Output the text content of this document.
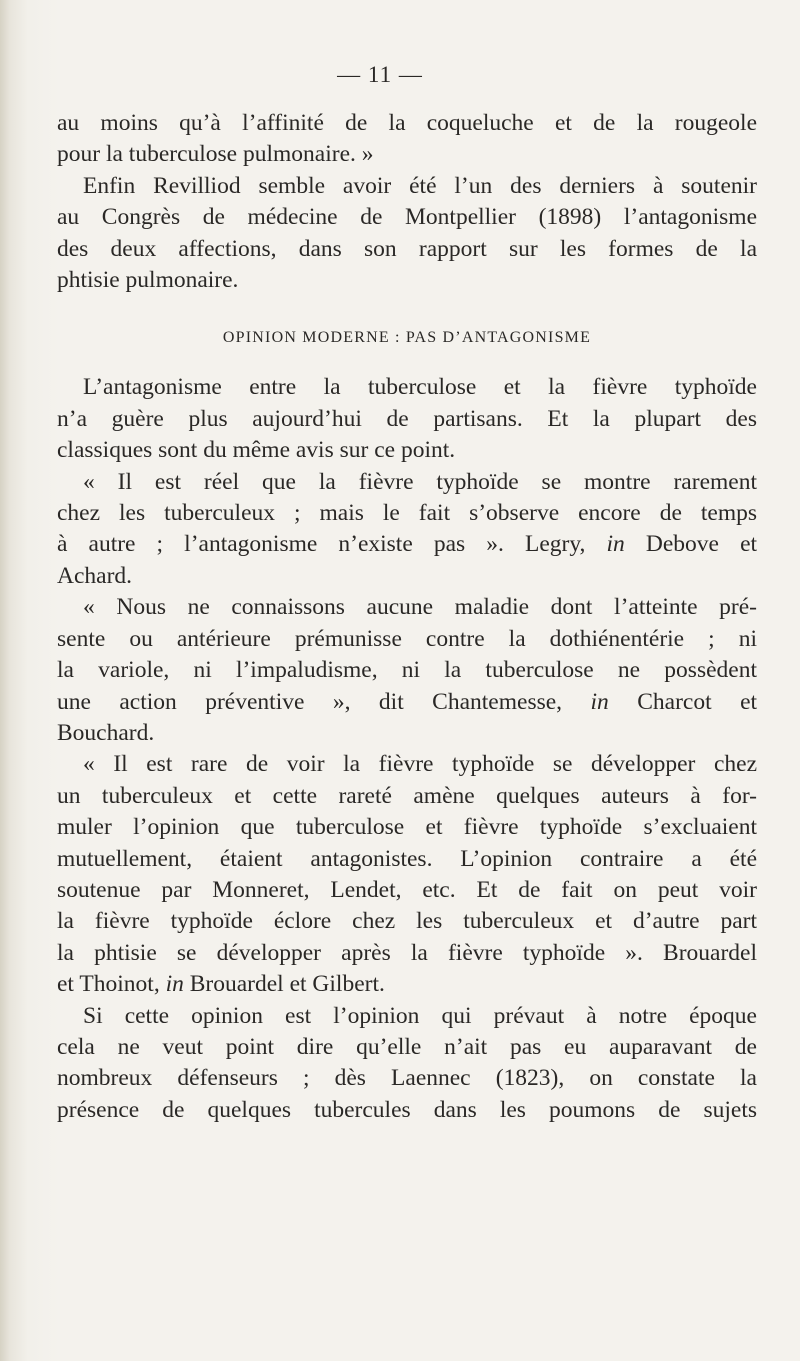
— 11 —

au moins qu’à l’affinité de la coqueluche et de la rougeole
pour la tuberculose pulmonaire. »

Enfin Revilliod semble avoir été l’un des derniers à soutenir
au Congrès de médecine de Montpellier (1898) l’antagonisme
des deux affections, dans son rapport sur les formes de la
phtisie pulmonaire.

OPINION MODERNE : PAS D’ANTAGONISME

L’antagonisme entre la tuberculose et la fièvre typhoïde
n’a guère plus aujourd’hui de partisans. Et la plupart des
classiques sont du même avis sur ce point.

« Il est réel que la fièvre typhoïde se montre rarement
chez les tuberculeux ; mais le fait s’observe encore de temps
à autre ; l’antagonisme n’existe pas ». Legry, in Debove et
Achard.

« Nous ne connaissons aucune maladie dont l’atteinte pré-
sente ou antérieure prémunisse contre la dothiénentérie ; ni
la variole, ni l’impaludisme, ni la tuberculose ne possèdent
une action préventive », dit Chantemesse, in Charcot et
Bouchard.

« Il est rare de voir la fièvre typhoïde se développer chez
un tuberculeux et cette rareté amène quelques auteurs à for-
muler l’opinion que tuberculose et fièvre typhoïde s’excluaient
mutuellement, étaient antagonistes. L’opinion contraire a été
soutenue par Monneret, Lendet, etc. Et de fait on peut voir
la fièvre typhoïde éclore chez les tuberculeux et d’autre part
la phtisie se développer après la fièvre typhoïde ». Brouardel
et Thoinot, in Brouardel et Gilbert.

Si cette opinion est l’opinion qui prévaut à notre époque
cela ne veut point dire qu’elle n’ait pas eu auparavant de
nombreux défenseurs ; dès Laennec (1823), on constate la
présence de quelques tubercules dans les poumons de sujets
